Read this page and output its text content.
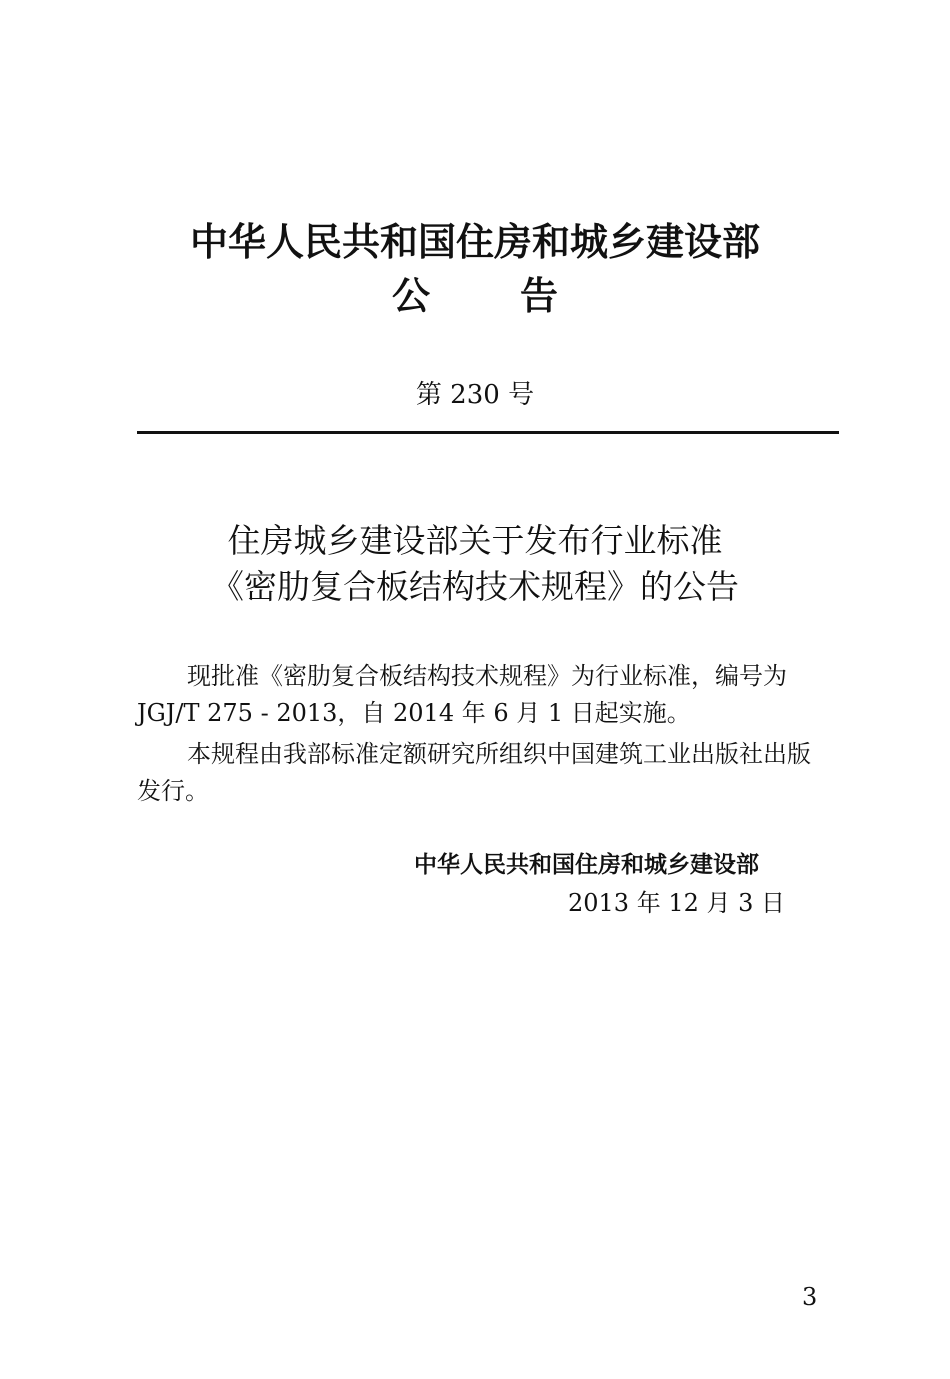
中华人民共和国住房和城乡建设部
公告
第 230 号
住房城乡建设部关于发布行业标准
《密肋复合板结构技术规程》的公告
现批准《密肋复合板结构技术规程》为行业标准，编号为
JGJ/T 275 - 2013，自 2014 年 6 月 1 日起实施。
本规程由我部标准定额研究所组织中国建筑工业出版社出版
发行。
中华人民共和国住房和城乡建设部
2013 年 12 月 3 日
3
